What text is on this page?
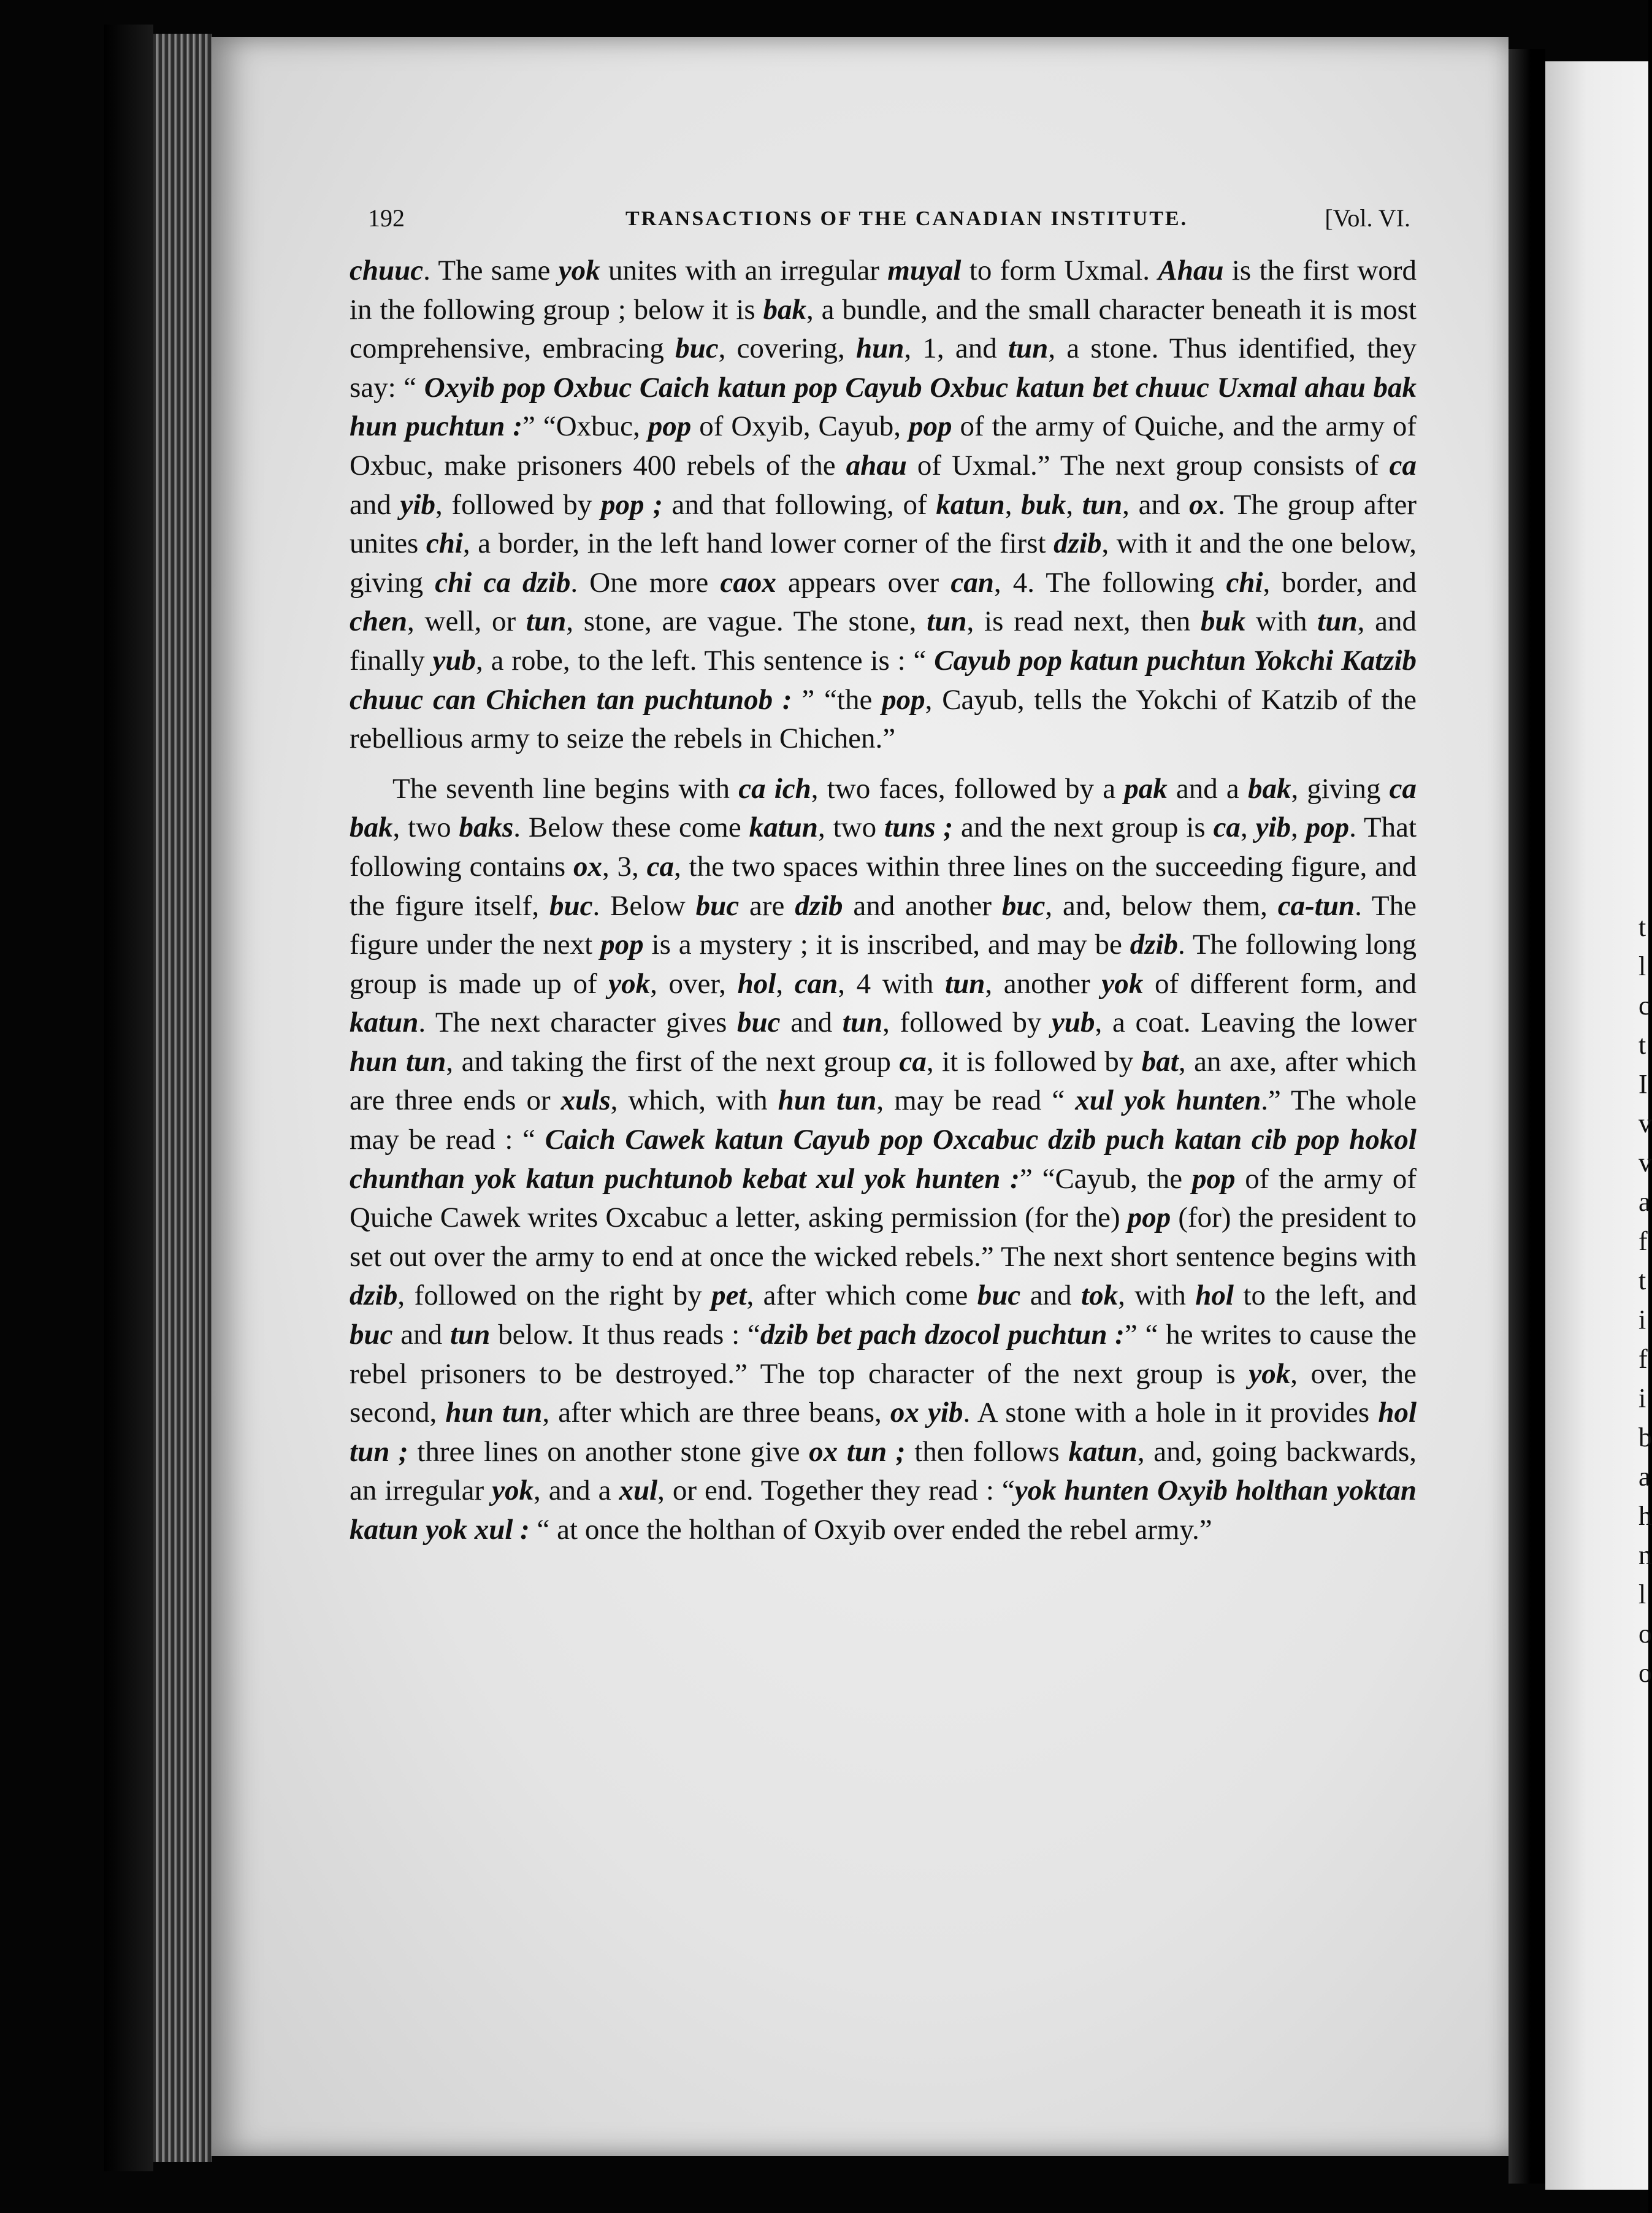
t
l
c
t
I
v
v
a
f
t
i
f
i
b
a
h
n
l
o
o
192	TRANSACTIONS OF THE CANADIAN INSTITUTE.	[Vol. VI.

chuuc. The same yok unites with an irregular muyal to form Uxmal. Ahau is the first word in the following group ; below it is bak, a bundle, and the small character beneath it is most comprehensive, embracing buc, covering, hun, 1, and tun, a stone. Thus identified, they say: “ Oxyib pop Oxbuc Caich katun pop Cayub Oxbuc katun bet chuuc Uxmal ahau bak hun puchtun :” “Oxbuc, pop of Oxyib, Cayub, pop of the army of Quiche, and the army of Oxbuc, make prisoners 400 rebels of the ahau of Uxmal.” The next group consists of ca and yib, followed by pop ; and that following, of katun, buk, tun, and ox. The group after unites chi, a border, in the left hand lower corner of the first dzib, with it and the one below, giving chi ca dzib. One more caox appears over can, 4. The following chi, border, and chen, well, or tun, stone, are vague. The stone, tun, is read next, then buk with tun, and finally yub, a robe, to the left. This sentence is : “ Cayub pop katun puchtun Yokchi Katzib chuuc can Chichen tan puchtunob : ” “the pop, Cayub, tells the Yokchi of Katzib of the rebellious army to seize the rebels in Chichen.”

The seventh line begins with ca ich, two faces, followed by a pak and a bak, giving ca bak, two baks. Below these come katun, two tuns ; and the next group is ca, yib, pop. That following contains ox, 3, ca, the two spaces within three lines on the succeeding figure, and the figure itself, buc. Below buc are dzib and another buc, and, below them, ca-tun. The figure under the next pop is a mystery ; it is inscribed, and may be dzib. The following long group is made up of yok, over, hol, can, 4 with tun, another yok of different form, and katun. The next character gives buc and tun, followed by yub, a coat. Leaving the lower hun tun, and taking the first of the next group ca, it is followed by bat, an axe, after which are three ends or xuls, which, with hun tun, may be read “ xul yok hunten.” The whole may be read : “ Caich Cawek katun Cayub pop Oxcabuc dzib puch katan cib pop hokol chunthan yok katun puchtunob kebat xul yok hunten :” “Cayub, the pop of the army of Quiche Cawek writes Oxcabuc a letter, asking permission (for the) pop (for) the president to set out over the army to end at once the wicked rebels.” The next short sentence begins with dzib, followed on the right by pet, after which come buc and tok, with hol to the left, and buc and tun below. It thus reads : “dzib bet pach dzocol puchtun :” “ he writes to cause the rebel prisoners to be destroyed.” The top character of the next group is yok, over, the second, hun tun, after which are three beans, ox yib. A stone with a hole in it provides hol tun ; three lines on another stone give ox tun ; then follows katun, and, going backwards, an irregular yok, and a xul, or end. Together they read : “yok hunten Oxyib holthan yoktan katun yok xul : “ at once the holthan of Oxyib over ended the rebel army.”
